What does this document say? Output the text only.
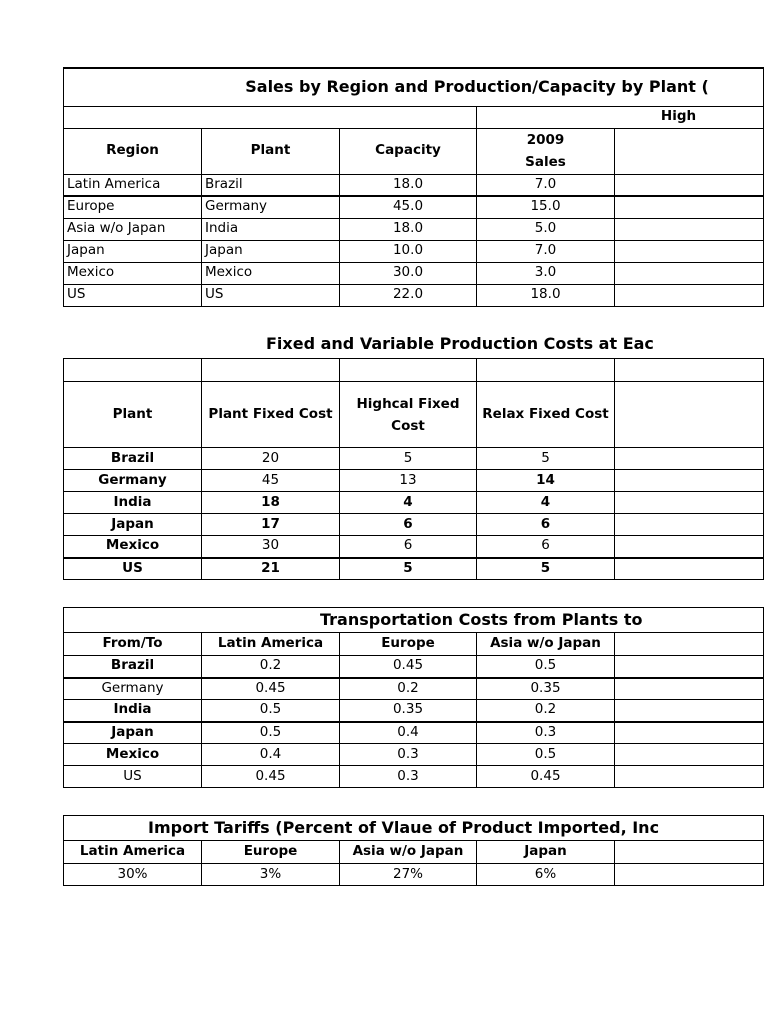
Sales by Region and Production/Capacity by Plant (				
			High	
Region	Plant	Capacity	2009
Sales	
Latin America	Brazil	18.0	7.0	
Europe	Germany	45.0	15.0	
Asia w/o Japan	India	18.0	5.0	
Japan	Japan	10.0	7.0	
Mexico	Mexico	30.0	3.0	
US	US	22.0	18.0	
Fixed and Variable Production Costs at Eac

Plant	Plant Fixed Cost	Highcal Fixed Cost	Relax Fixed Cost	
Brazil	20	5	5	
Germany	45	13	14	
India	18	4	4	
Japan	17	6	6	
Mexico	30	6	6	
US	21	5	5	
Transportation Costs from Plants to				
From/To	Latin America	Europe	Asia w/o Japan	
Brazil	0.2	0.45	0.5	
Germany	0.45	0.2	0.35	
India	0.5	0.35	0.2	
Japan	0.5	0.4	0.3	
Mexico	0.4	0.3	0.5	
US	0.45	0.3	0.45	
Import Tariffs (Percent of Vlaue of Product Imported, Inc				
Latin America	Europe	Asia w/o Japan	Japan	
30%	3%	27%	6%	
